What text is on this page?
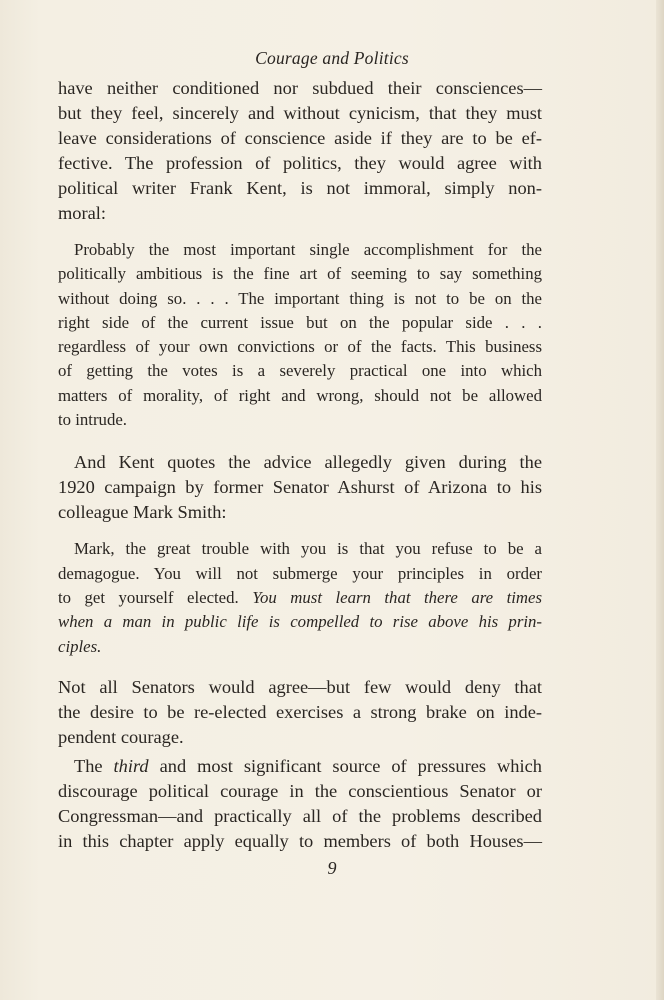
Courage and Politics
have neither conditioned nor subdued their consciences—
but they feel, sincerely and without cynicism, that they must
leave considerations of conscience aside if they are to be ef-
fective. The profession of politics, they would agree with
political writer Frank Kent, is not immoral, simply non-
moral:
Probably the most important single accomplishment for the
politically ambitious is the fine art of seeming to say something
without doing so. . . . The important thing is not to be on the
right side of the current issue but on the popular side . . .
regardless of your own convictions or of the facts. This business
of getting the votes is a severely practical one into which
matters of morality, of right and wrong, should not be allowed
to intrude.
And Kent quotes the advice allegedly given during the
1920 campaign by former Senator Ashurst of Arizona to his
colleague Mark Smith:
Mark, the great trouble with you is that you refuse to be a
demagogue. You will not submerge your principles in order
to get yourself elected. You must learn that there are times
when a man in public life is compelled to rise above his prin-
ciples.
Not all Senators would agree—but few would deny that
the desire to be re-elected exercises a strong brake on inde-
pendent courage.
The third and most significant source of pressures which
discourage political courage in the conscientious Senator or
Congressman—and practically all of the problems described
in this chapter apply equally to members of both Houses—
9
